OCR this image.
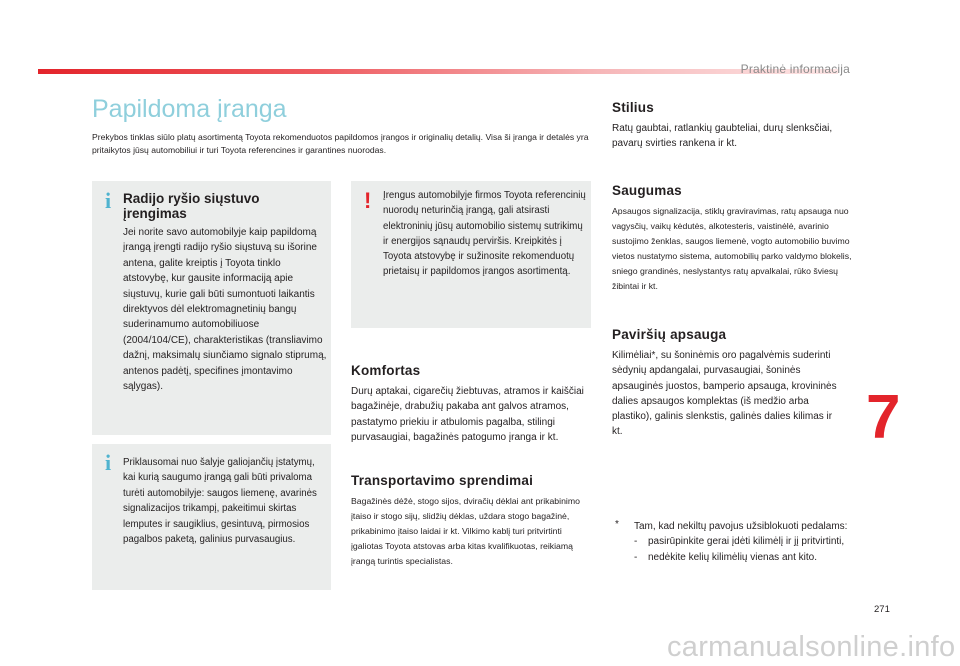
Praktinė informacija
Papildoma įranga

Prekybos tinklas siūlo platų asortimentą Toyota rekomenduotos papildomos įrangos ir originalių detalių. Visa ši įranga ir detalės yra pritaikytos jūsų automobiliui ir turi Toyota referencines ir garantines nuorodas.

i Radijo ryšio siųstuvo įrengimas

Jei norite savo automobilyje kaip papildomą įrangą įrengti radijo ryšio siųstuvą su išorine antena, galite kreiptis į Toyota tinklo atstovybę, kur gausite informaciją apie siųstuvų, kurie gali būti sumontuoti laikantis direktyvos dėl elektromagnetinių bangų suderinamumo automobiliuose (2004/104/CE), charakteristikas (transliavimo dažnį, maksimalų siunčiamo signalo stiprumą, antenos padėtį, specifines įmontavimo sąlygas).

! Įrengus automobilyje firmos Toyota referencinių nuorodų neturinčią įrangą, gali atsirasti elektroninių jūsų automobilio sistemų sutrikimų ir energijos sąnaudų perviršis. Kreipkitės į Toyota atstovybę ir sužinosite rekomenduotų prietaisų ir papildomos įrangos asortimentą.

i Priklausomai nuo šalyje galiojančių įstatymų, kai kurią saugumo įrangą gali būti privaloma turėti automobilyje: saugos liemenę, avarinės signalizacijos trikampį, pakeitimui skirtas lemputes ir saugiklius, gesintuvą, pirmosios pagalbos paketą, galinius purvasaugius.

Komfortas

Durų aptakai, cigarečių žiebtuvas, atramos ir kaiščiai bagažinėje, drabužių pakaba ant galvos atramos, pastatymo priekiu ir atbulomis pagalba, stilingi purvasaugiai, bagažinės patogumo įranga ir kt.

Transportavimo sprendimai

Bagažinės dėžė, stogo sijos, dviračių dėklai ant prikabinimo įtaiso ir stogo sijų, slidžių dėklas, uždara stogo bagažinė, prikabinimo įtaiso laidai ir kt. Vilkimo kablį turi pritvirtinti įgaliotas Toyota atstovas arba kitas kvalifikuotas, reikiamą įrangą turintis specialistas.

Stilius

Ratų gaubtai, ratlankių gaubteliai, durų slenksčiai, pavarų svirties rankena ir kt.

Saugumas

Apsaugos signalizacija, stiklų graviravimas, ratų apsauga nuo vagysčių, vaikų kėdutės, alkotesteris, vaistinėlė, avarinio sustojimo ženklas, saugos liemenė, vogto automobilio buvimo vietos nustatymo sistema, automobilių parko valdymo blokelis, sniego grandinės, neslystantys ratų apvalkalai, rūko šviesų žibintai ir kt.

Paviršių apsauga

Kilimėliai*, su šoninėmis oro pagalvėmis suderinti sėdynių apdangalai, purvasaugiai, šoninės apsauginės juostos, bamperio apsauga, krovininės dalies apsaugos komplektas (iš medžio arba plastiko), galinis slenkstis, galinės dalies kilimas ir kt.

* Tam, kad nekiltų pavojus užsiblokuoti pedalams:
- pasirūpinkite gerai įdėti kilimėlį ir jį pritvirtinti,
- nedėkite kelių kilimėlių vienas ant kito.
7
271
carmanualsonline.info
